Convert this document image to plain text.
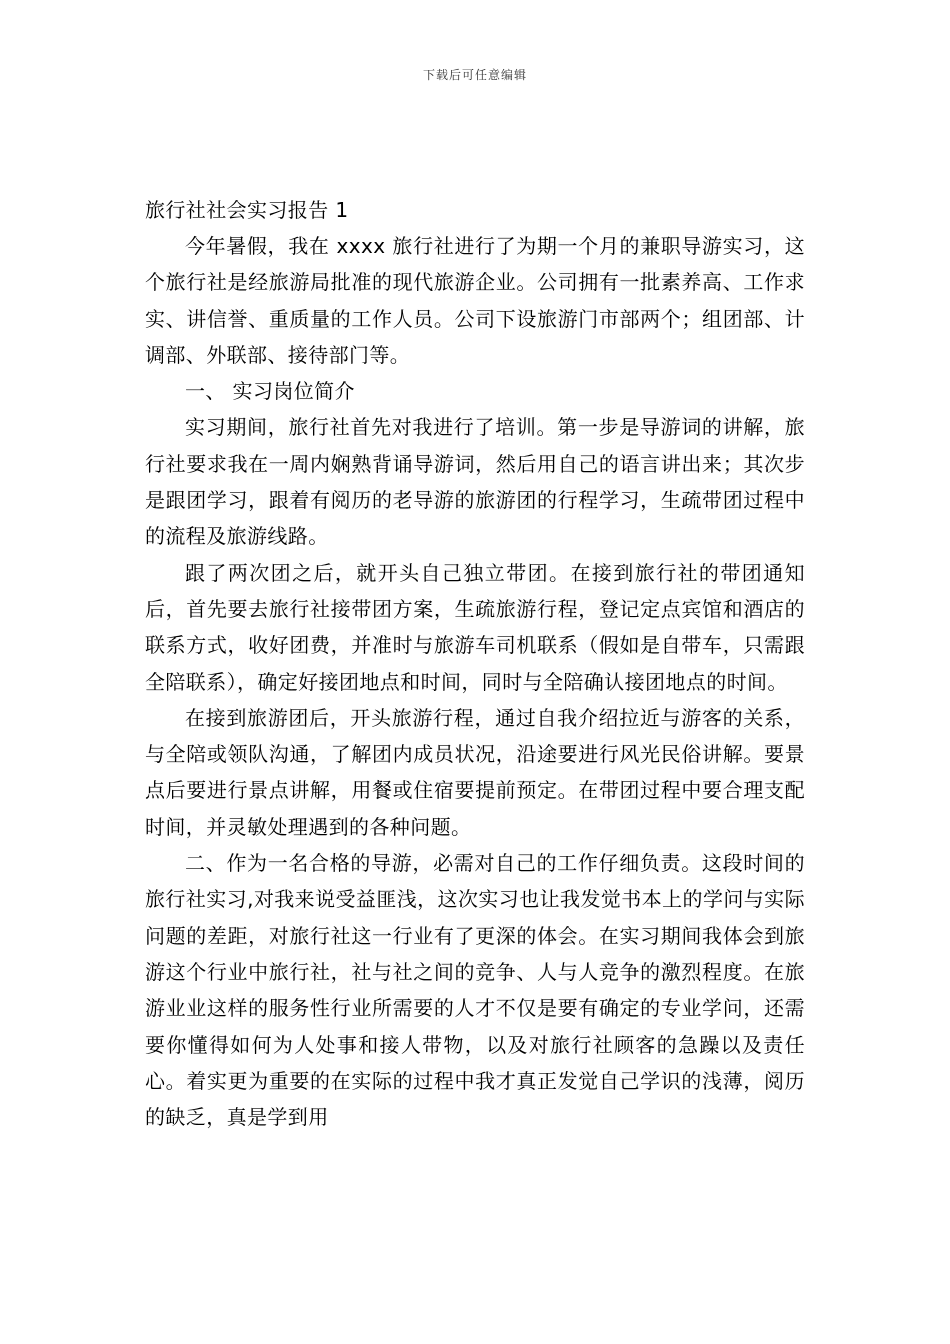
下载后可任意编辑
旅行社社会实习报告 1

今年暑假，我在 xxxx 旅行社进行了为期一个月的兼职导游实习，这个旅行社是经旅游局批准的现代旅游企业。公司拥有一批素养高、工作求实、讲信誉、重质量的工作人员。公司下设旅游门市部两个；组团部、计调部、外联部、接待部门等。

一、 实习岗位简介

实习期间，旅行社首先对我进行了培训。第一步是导游词的讲解，旅行社要求我在一周内娴熟背诵导游词，然后用自己的语言讲出来；其次步是跟团学习，跟着有阅历的老导游的旅游团的行程学习，生疏带团过程中的流程及旅游线路。

跟了两次团之后，就开头自己独立带团。在接到旅行社的带团通知后，首先要去旅行社接带团方案，生疏旅游行程，登记定点宾馆和酒店的联系方式，收好团费，并准时与旅游车司机联系（假如是自带车，只需跟全陪联系），确定好接团地点和时间，同时与全陪确认接团地点的时间。

在接到旅游团后，开头旅游行程，通过自我介绍拉近与游客的关系，与全陪或领队沟通，了解团内成员状况，沿途要进行风光民俗讲解。要景点后要进行景点讲解，用餐或住宿要提前预定。在带团过程中要合理支配时间，并灵敏处理遇到的各种问题。

二、作为一名合格的导游，必需对自己的工作仔细负责。这段时间的旅行社实习,对我来说受益匪浅，这次实习也让我发觉书本上的学问与实际问题的差距，对旅行社这一行业有了更深的体会。在实习期间我体会到旅游这个行业中旅行社，社与社之间的竞争、人与人竞争的激烈程度。在旅游业业这样的服务性行业所需要的人才不仅是要有确定的专业学问，还需要你懂得如何为人处事和接人带物，以及对旅行社顾客的急躁以及责任心。着实更为重要的在实际的过程中我才真正发觉自己学识的浅薄，阅历的缺乏，真是学到用
